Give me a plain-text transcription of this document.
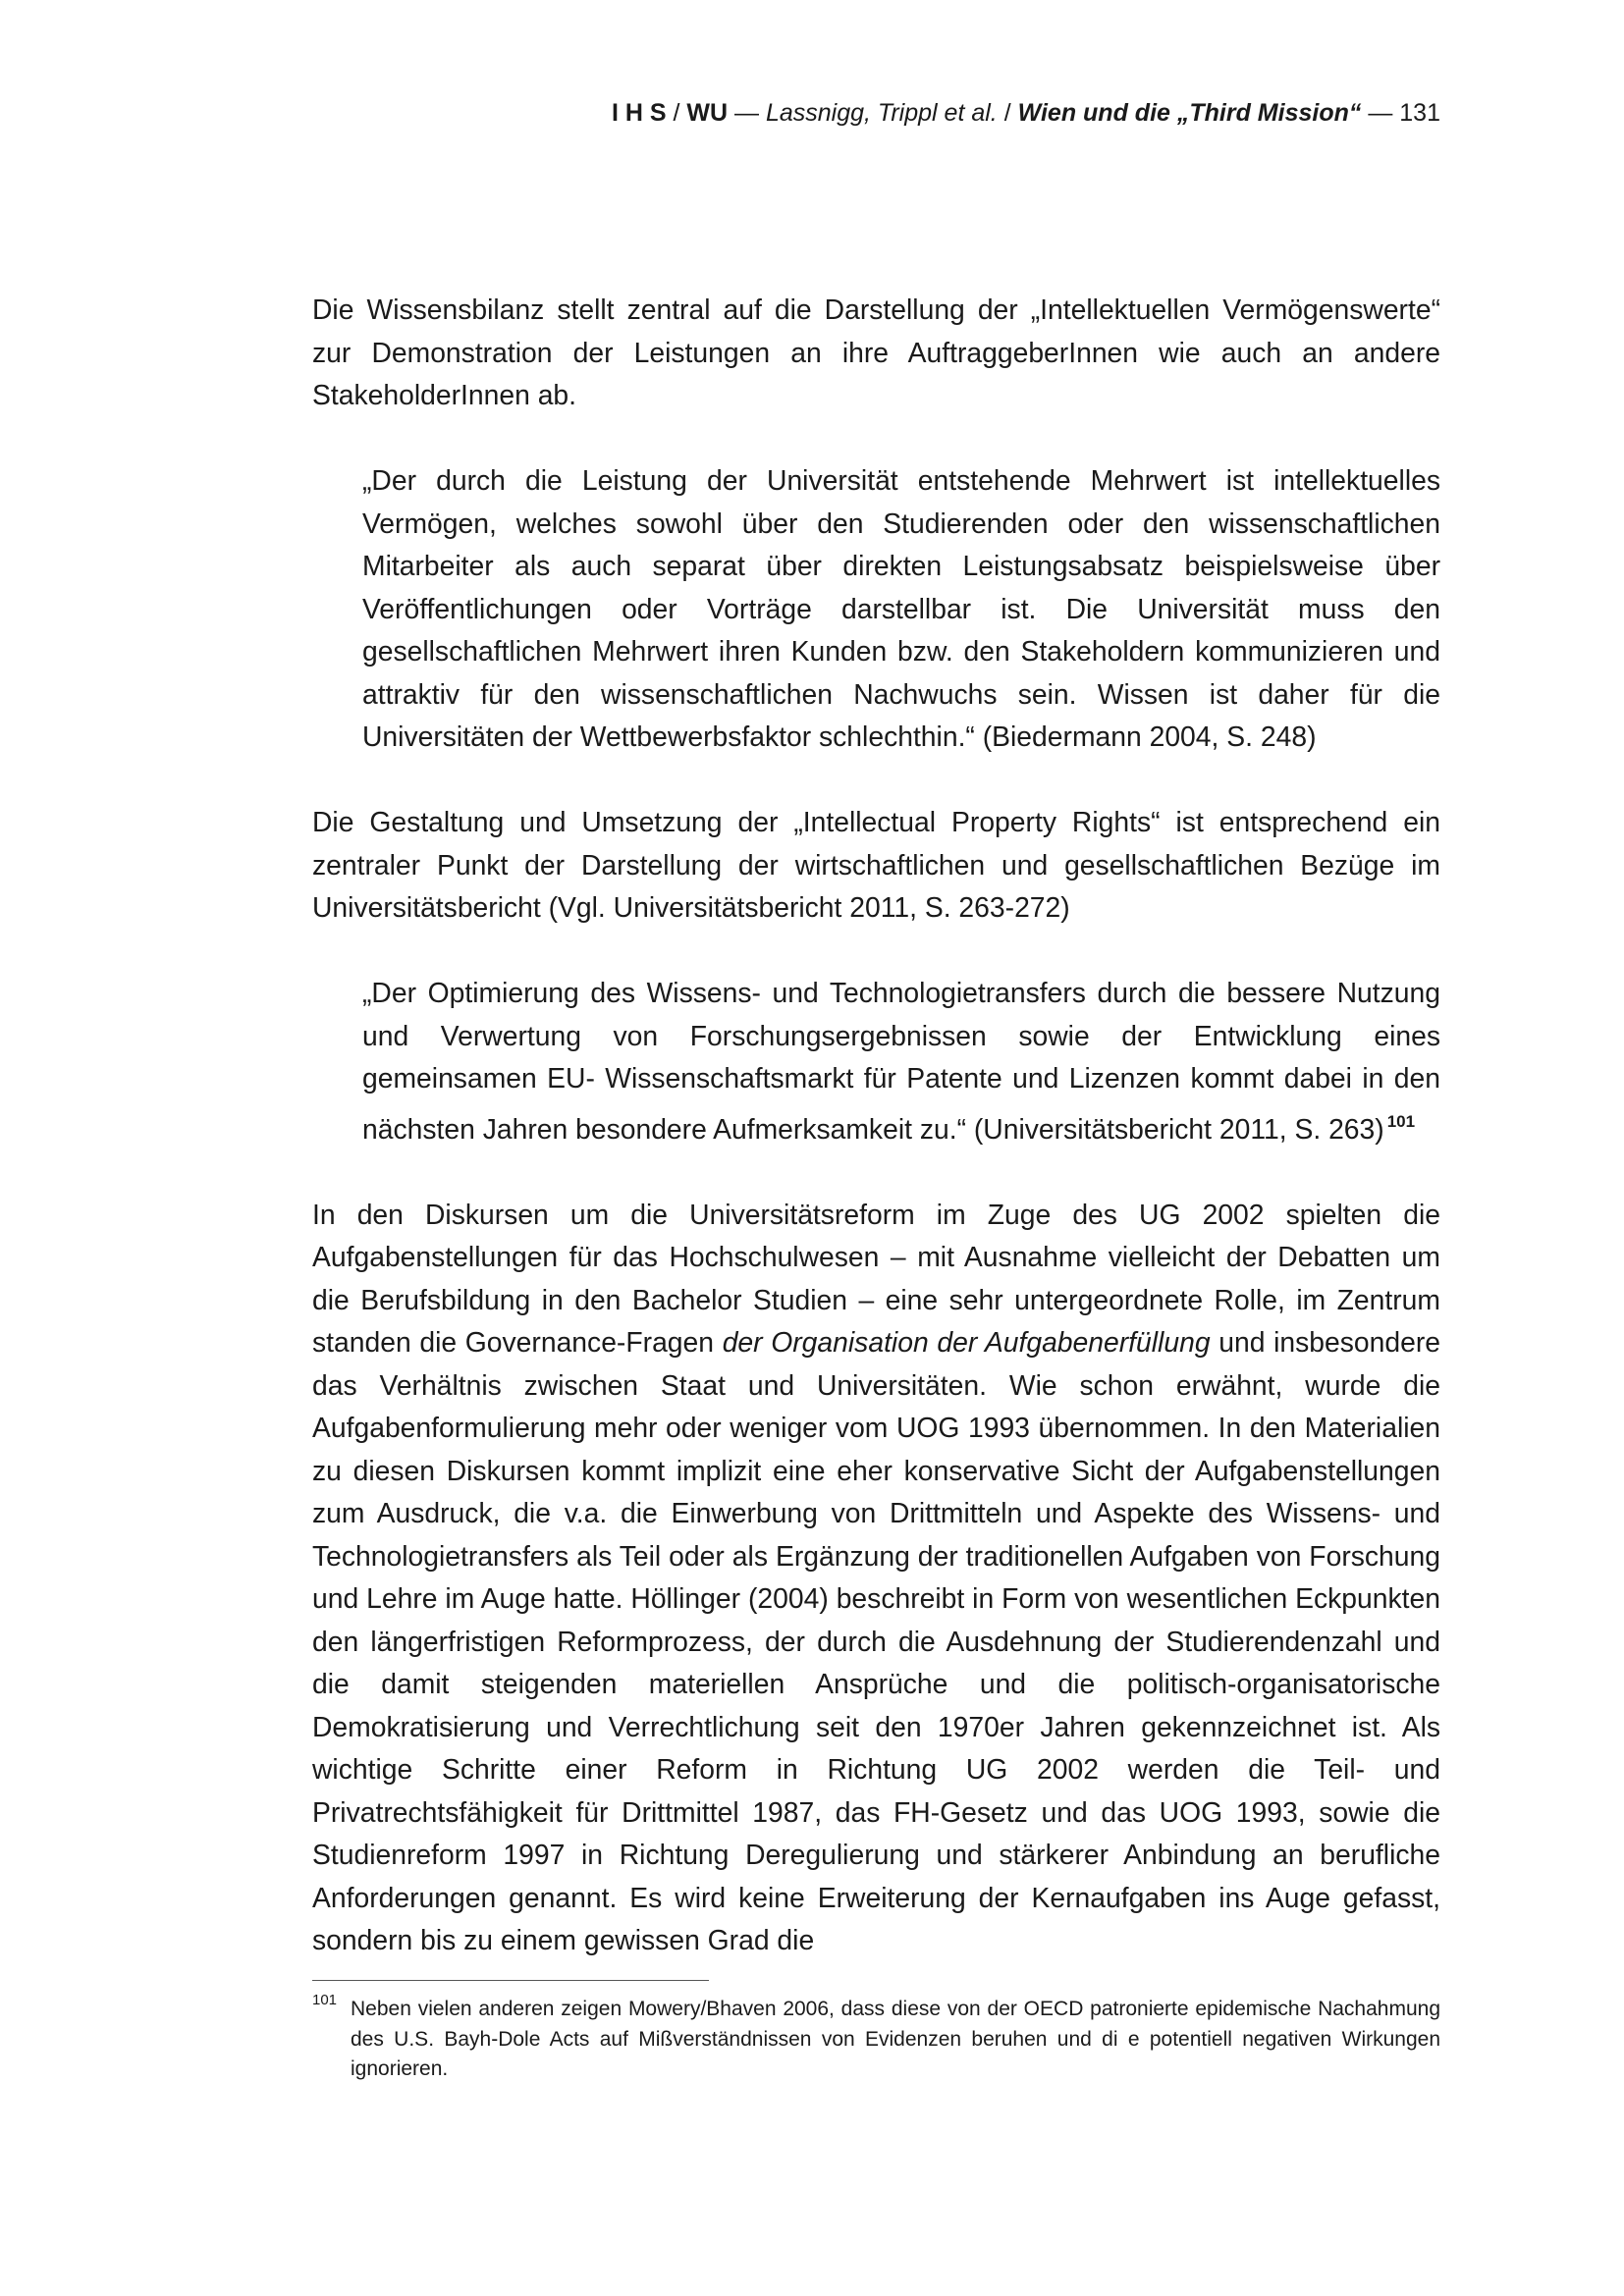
I H S / WU — Lassnigg, Trippl et al. / Wien und die „Third Mission“ — 131

Die Wissensbilanz stellt zentral auf die Darstellung der „Intellektuellen Vermögenswerte“ zur Demonstration der Leistungen an ihre AuftraggeberInnen wie auch an andere StakeholderInnen ab.

„Der durch die Leistung der Universität entstehende Mehrwert ist intellektuelles Vermögen, welches sowohl über den Studierenden oder den wissenschaftlichen Mitarbeiter als auch separat über direkten Leistungsabsatz beispielsweise über Veröffentlichungen oder Vorträge darstellbar ist. Die Universität muss den gesellschaftlichen Mehrwert ihren Kunden bzw. den Stakeholdern kommunizieren und attraktiv für den wissenschaftlichen Nachwuchs sein. Wissen ist daher für die Universitäten der Wettbewerbsfaktor schlechthin.“ (Biedermann 2004, S. 248)

Die Gestaltung und Umsetzung der „Intellectual Property Rights“ ist entsprechend ein zentraler Punkt der Darstellung der wirtschaftlichen und gesellschaftlichen Bezüge im Universitätsbericht (Vgl. Universitätsbericht 2011, S. 263-272)

„Der Optimierung des Wissens- und Technologietransfers durch die bessere Nutzung und Verwertung von Forschungsergebnissen sowie der Entwicklung eines gemeinsamen EU- Wissenschaftsmarkt für Patente und Lizenzen kommt dabei in den nächsten Jahren besondere Aufmerksamkeit zu.“ (Universitätsbericht 2011, S. 263) $^{101}$

In den Diskursen um die Universitätsreform im Zuge des UG 2002 spielten die Aufgabenstellungen für das Hochschulwesen – mit Ausnahme vielleicht der Debatten um die Berufsbildung in den Bachelor Studien – eine sehr untergeordnete Rolle, im Zentrum standen die Governance-Fragen der Organisation der Aufgabenerfüllung und insbesondere das Verhältnis zwischen Staat und Universitäten. Wie schon erwähnt, wurde die Aufgabenformulierung mehr oder weniger vom UOG 1993 übernommen. In den Materialien zu diesen Diskursen kommt implizit eine eher konservative Sicht der Aufgabenstellungen zum Ausdruck, die v.a. die Einwerbung von Drittmitteln und Aspekte des Wissens- und Technologietransfers als Teil oder als Ergänzung der traditionellen Aufgaben von Forschung und Lehre im Auge hatte. Höllinger (2004) beschreibt in Form von wesentlichen Eckpunkten den längerfristigen Reformprozess, der durch die Ausdehnung der Studierendenzahl und die damit steigenden materiellen Ansprüche und die politisch-organisatorische Demokratisierung und Verrechtlichung seit den 1970er Jahren gekennzeichnet ist. Als wichtige Schritte einer Reform in Richtung UG 2002 werden die Teil- und Privatrechtsfähigkeit für Drittmittel 1987, das FH-Gesetz und das UOG 1993, sowie die Studienreform 1997 in Richtung Deregulierung und stärkerer Anbindung an berufliche Anforderungen genannt. Es wird keine Erweiterung der Kernaufgaben ins Auge gefasst, sondern bis zu einem gewissen Grad die

101 Neben vielen anderen zeigen Mowery/Bhaven 2006, dass diese von der OECD patronierte epidemische Nachahmung des U.S. Bayh-Dole Acts auf Mißverständnissen von Evidenzen beruhen und di e potentiell negativen Wirkungen ignorieren.
